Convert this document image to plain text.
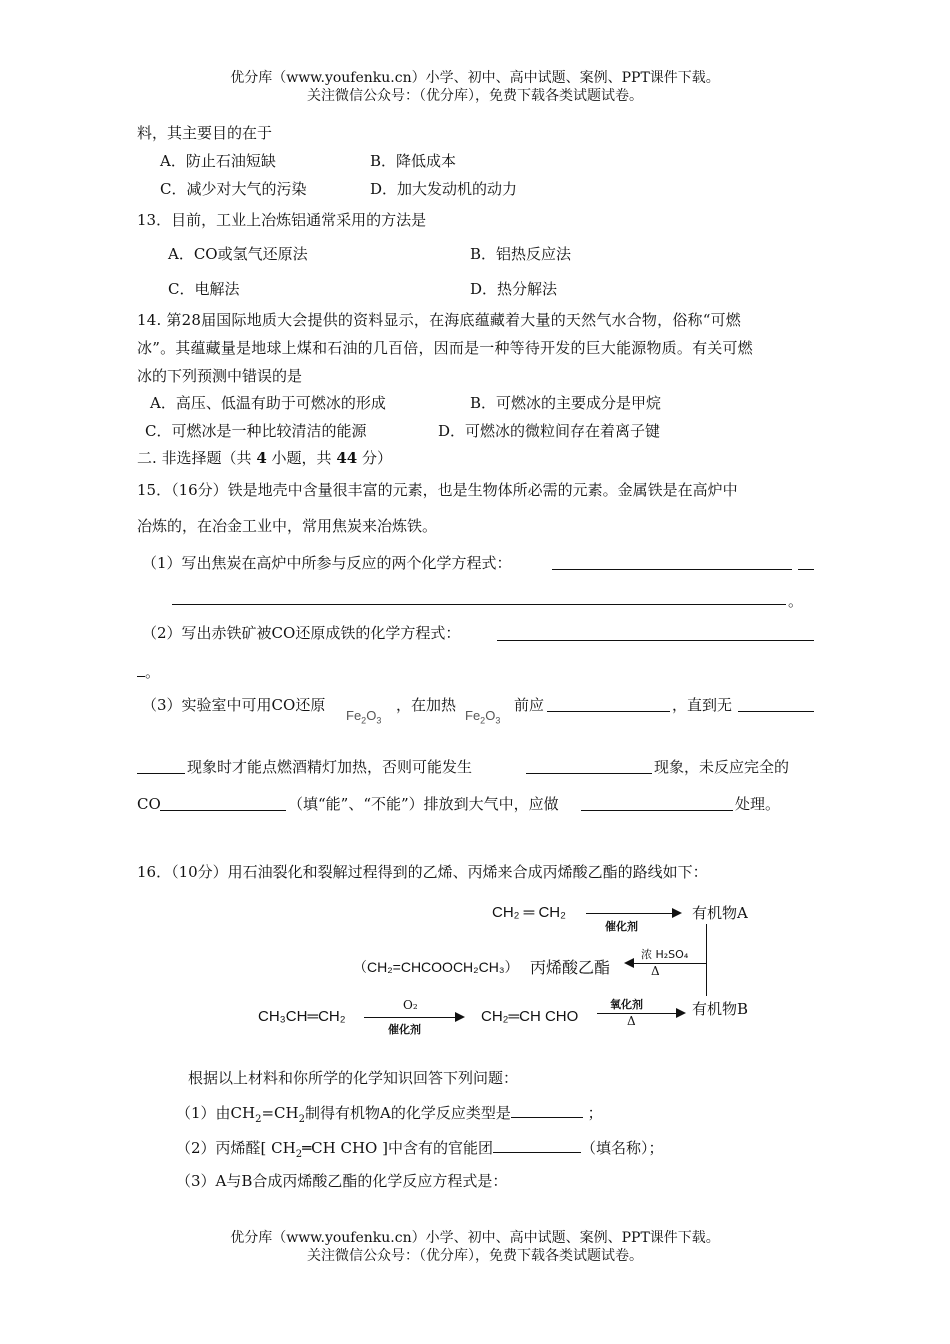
优分库（www.youfenku.cn）小学、初中、高中试题、案例、PPT课件下载。
关注微信公众号：（优分库），免费下载各类试题试卷。
料，其主要目的在于
A．防止石油短缺	B．降低成本
C．减少对大气的污染	D．加大发动机的动力
13．目前，工业上冶炼铝通常采用的方法是
A．CO或氢气还原法	B．铝热反应法
C．电解法	D．热分解法
14. 第28届国际地质大会提供的资料显示，在海底蕴藏着大量的天然气水合物，俗称“可燃
冰”。其蕴藏量是地球上煤和石油的几百倍，因而是一种等待开发的巨大能源物质。有关可燃
冰的下列预测中错误的是
A．高压、低温有助于可燃冰的形成	B．可燃冰的主要成分是甲烷
C．可燃冰是一种比较清洁的能源	D．可燃冰的微粒间存在着离子键
二. 非选择题（共 4 小题，共 44 分）
15．（16分）铁是地壳中含量很丰富的元素，也是生物体所必需的元素。金属铁是在高炉中
冶炼的，在冶金工业中，常用焦炭来冶炼铁。
（1）写出焦炭在高炉中所参与反应的两个化学方程式：
。
（2）写出赤铁矿被CO还原成铁的化学方程式：
。
（3）实验室中可用CO还原
$Fe_2O_3$
，在加热
$Fe_2O_3$
前应	，直到无
现象时才能点燃酒精灯加热，否则可能发生	现象，未反应完全的
CO	（填“能”、“不能”）排放到大气中，应做	处理。
16．（10分）用石油裂化和裂解过程得到的乙烯、丙烯来合成丙烯酸乙酯的路线如下：
CH₂ ═ CH₂
催化剂
有机物A
（CH₂=CHCOOCH₂CH₃） 丙烯酸乙酯
浓 H₂SO₄
Δ
CH₃CH═CH₂
O₂
催化剂
CH₂═CH CHO
氧化剂
Δ
有机物B
根据以上材料和你所学的化学知识回答下列问题：
（1）由$CH_2=CH_2$制得有机物A的化学反应类型是	；
（2）丙烯醛[ $CH_2═CH$ CHO ]中含有的官能团	（填名称）；
（3）A与B合成丙烯酸乙酯的化学反应方程式是：
优分库（www.youfenku.cn）小学、初中、高中试题、案例、PPT课件下载。
关注微信公众号：（优分库），免费下载各类试题试卷。
